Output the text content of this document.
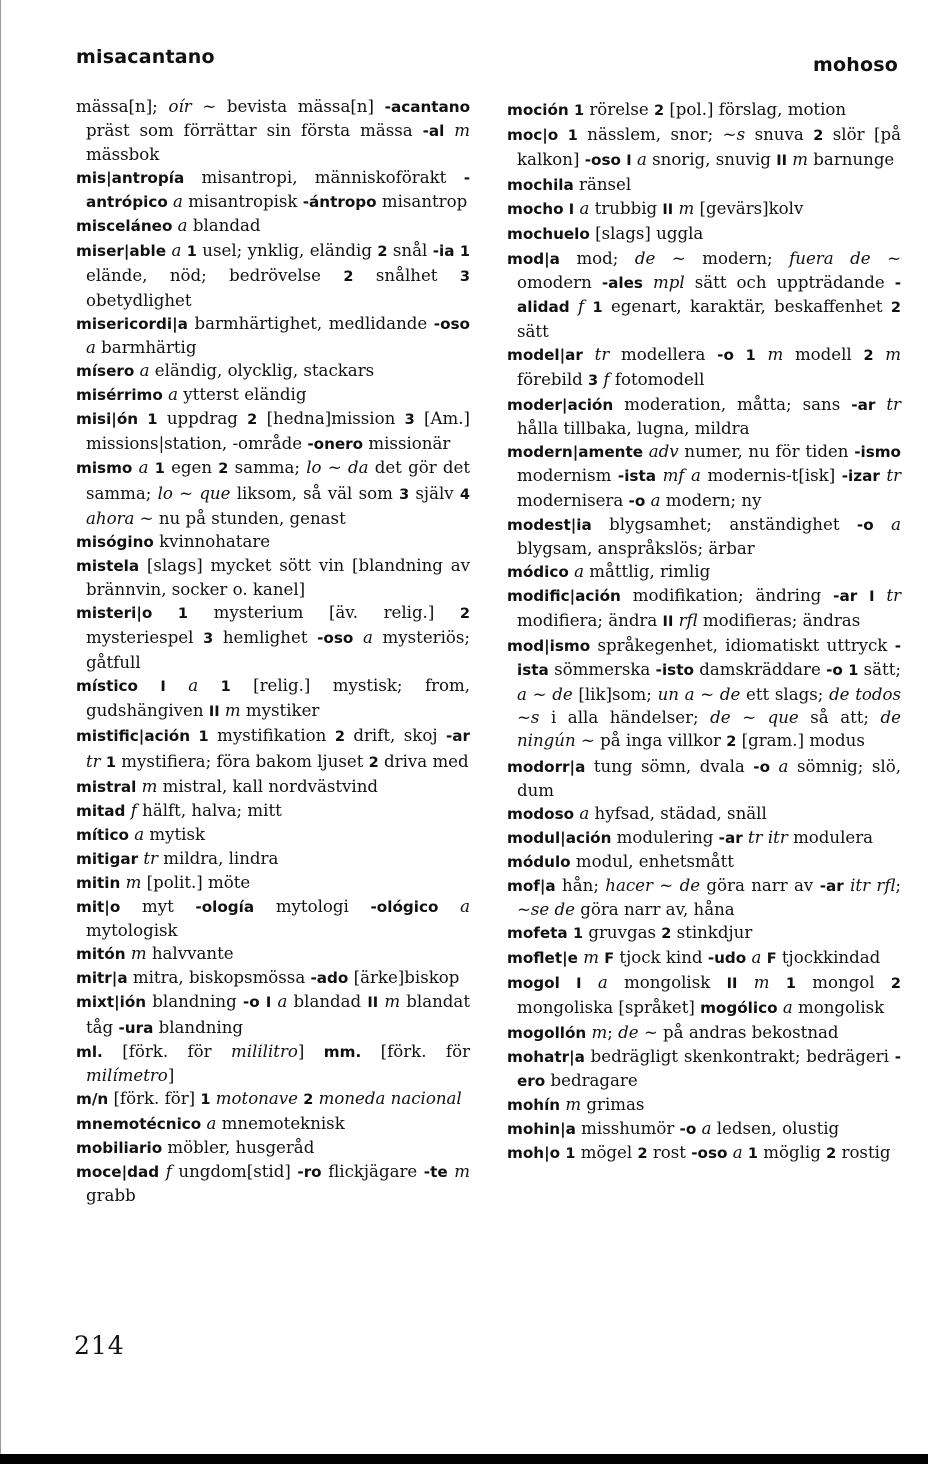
misacantano	mohoso

mässa[n]; oír ~ bevista mässa[n] -acantano präst som förrättar sin första mässa -al m mässbok

mis|antropía misantropi, människoförakt -antrópico a misantropisk -ántropo misantrop

misceláneo a blandad

miser|able a 1 usel; ynklig, eländig 2 snål -ia 1 elände, nöd; bedrövelse 2 snålhet 3 obetydlighet

misericordi|a barmhärtighet, medlidande -oso a barmhärtig

mísero a eländig, olycklig, stackars

misérrimo a ytterst eländig

misi|ón 1 uppdrag 2 [hedna]mission 3 [Am.] missions|station, -område -onero missionär

mismo a 1 egen 2 samma; lo ~ da det gör det samma; lo ~ que liksom, så väl som 3 själv 4 ahora ~ nu på stunden, genast

misógino kvinnohatare

mistela [slags] mycket sött vin [blandning av brännvin, socker o. kanel]

misteri|o 1 mysterium [äv. relig.] 2 mysteriespel 3 hemlighet -oso a mysteriös; gåtfull

místico I a 1 [relig.] mystisk; from, gudshängiven II m mystiker

mistific|ación 1 mystifikation 2 drift, skoj -ar tr 1 mystifiera; föra bakom ljuset 2 driva med

mistral m mistral, kall nordvästvind

mitad f hälft, halva; mitt

mítico a mytisk

mitigar tr mildra, lindra

mitin m [polit.] möte

mit|o myt -ología mytologi -ológico a mytologisk

mitón m halvvante

mitr|a mitra, biskopsmössa -ado [ärke]biskop

mixt|ión blandning -o I a blandad II m blandat tåg -ura blandning

ml. [förk. för mililitro] mm. [förk. för milímetro]

m/n [förk. för] 1 motonave 2 moneda nacional

mnemotécnico a mnemoteknisk

mobiliario möbler, husgeråd

moce|dad f ungdom[stid] -ro flickjägare -te m grabb

moción 1 rörelse 2 [pol.] förslag, motion

moc|o 1 nässlem, snor; ~s snuva 2 slör [på kalkon] -oso I a snorig, snuvig II m barnunge

mochila ränsel

mocho I a trubbig II m [gevärs]kolv

mochuelo [slags] uggla

mod|a mod; de ~ modern; fuera de ~ omodern -ales mpl sätt och uppträdande -alidad f 1 egenart, karaktär, beskaffenhet 2 sätt

model|ar tr modellera -o 1 m modell 2 m förebild 3 f fotomodell

moder|ación moderation, måtta; sans -ar tr hålla tillbaka, lugna, mildra

modern|amente adv numer, nu för tiden -ismo modernism -ista mf a modernis-t[isk] -izar tr modernisera -o a modern; ny

modest|ia blygsamhet; anständighet -o a blygsam, anspråkslös; ärbar

módico a måttlig, rimlig

modific|ación modifikation; ändring -ar I tr modifiera; ändra II rfl modifieras; ändras

mod|ismo språkegenhet, idiomatiskt uttryck -ista sömmerska -isto damskräddare -o 1 sätt; a ~ de [lik]som; un a ~ de ett slags; de todos ~s i alla händelser; de ~ que så att; de ningún ~ på inga villkor 2 [gram.] modus

modorr|a tung sömn, dvala -o a sömnig; slö, dum

modoso a hyfsad, städad, snäll

modul|ación modulering -ar tr itr modulera

módulo modul, enhetsmått

mof|a hån; hacer ~ de göra narr av -ar itr rfl; ~se de göra narr av, håna

mofeta 1 gruvgas 2 stinkdjur

moflet|e m F tjock kind -udo a F tjockkindad

mogol I a mongolisk II m 1 mongol 2 mongoliska [språket] mogólico a mongolisk

mogollón m; de ~ på andras bekostnad

mohatr|a bedrägligt skenkontrakt; bedrägeri -ero bedragare

mohín m grimas

mohin|a misshumör -o a ledsen, olustig

moh|o 1 mögel 2 rost -oso a 1 möglig 2 rostig

214
